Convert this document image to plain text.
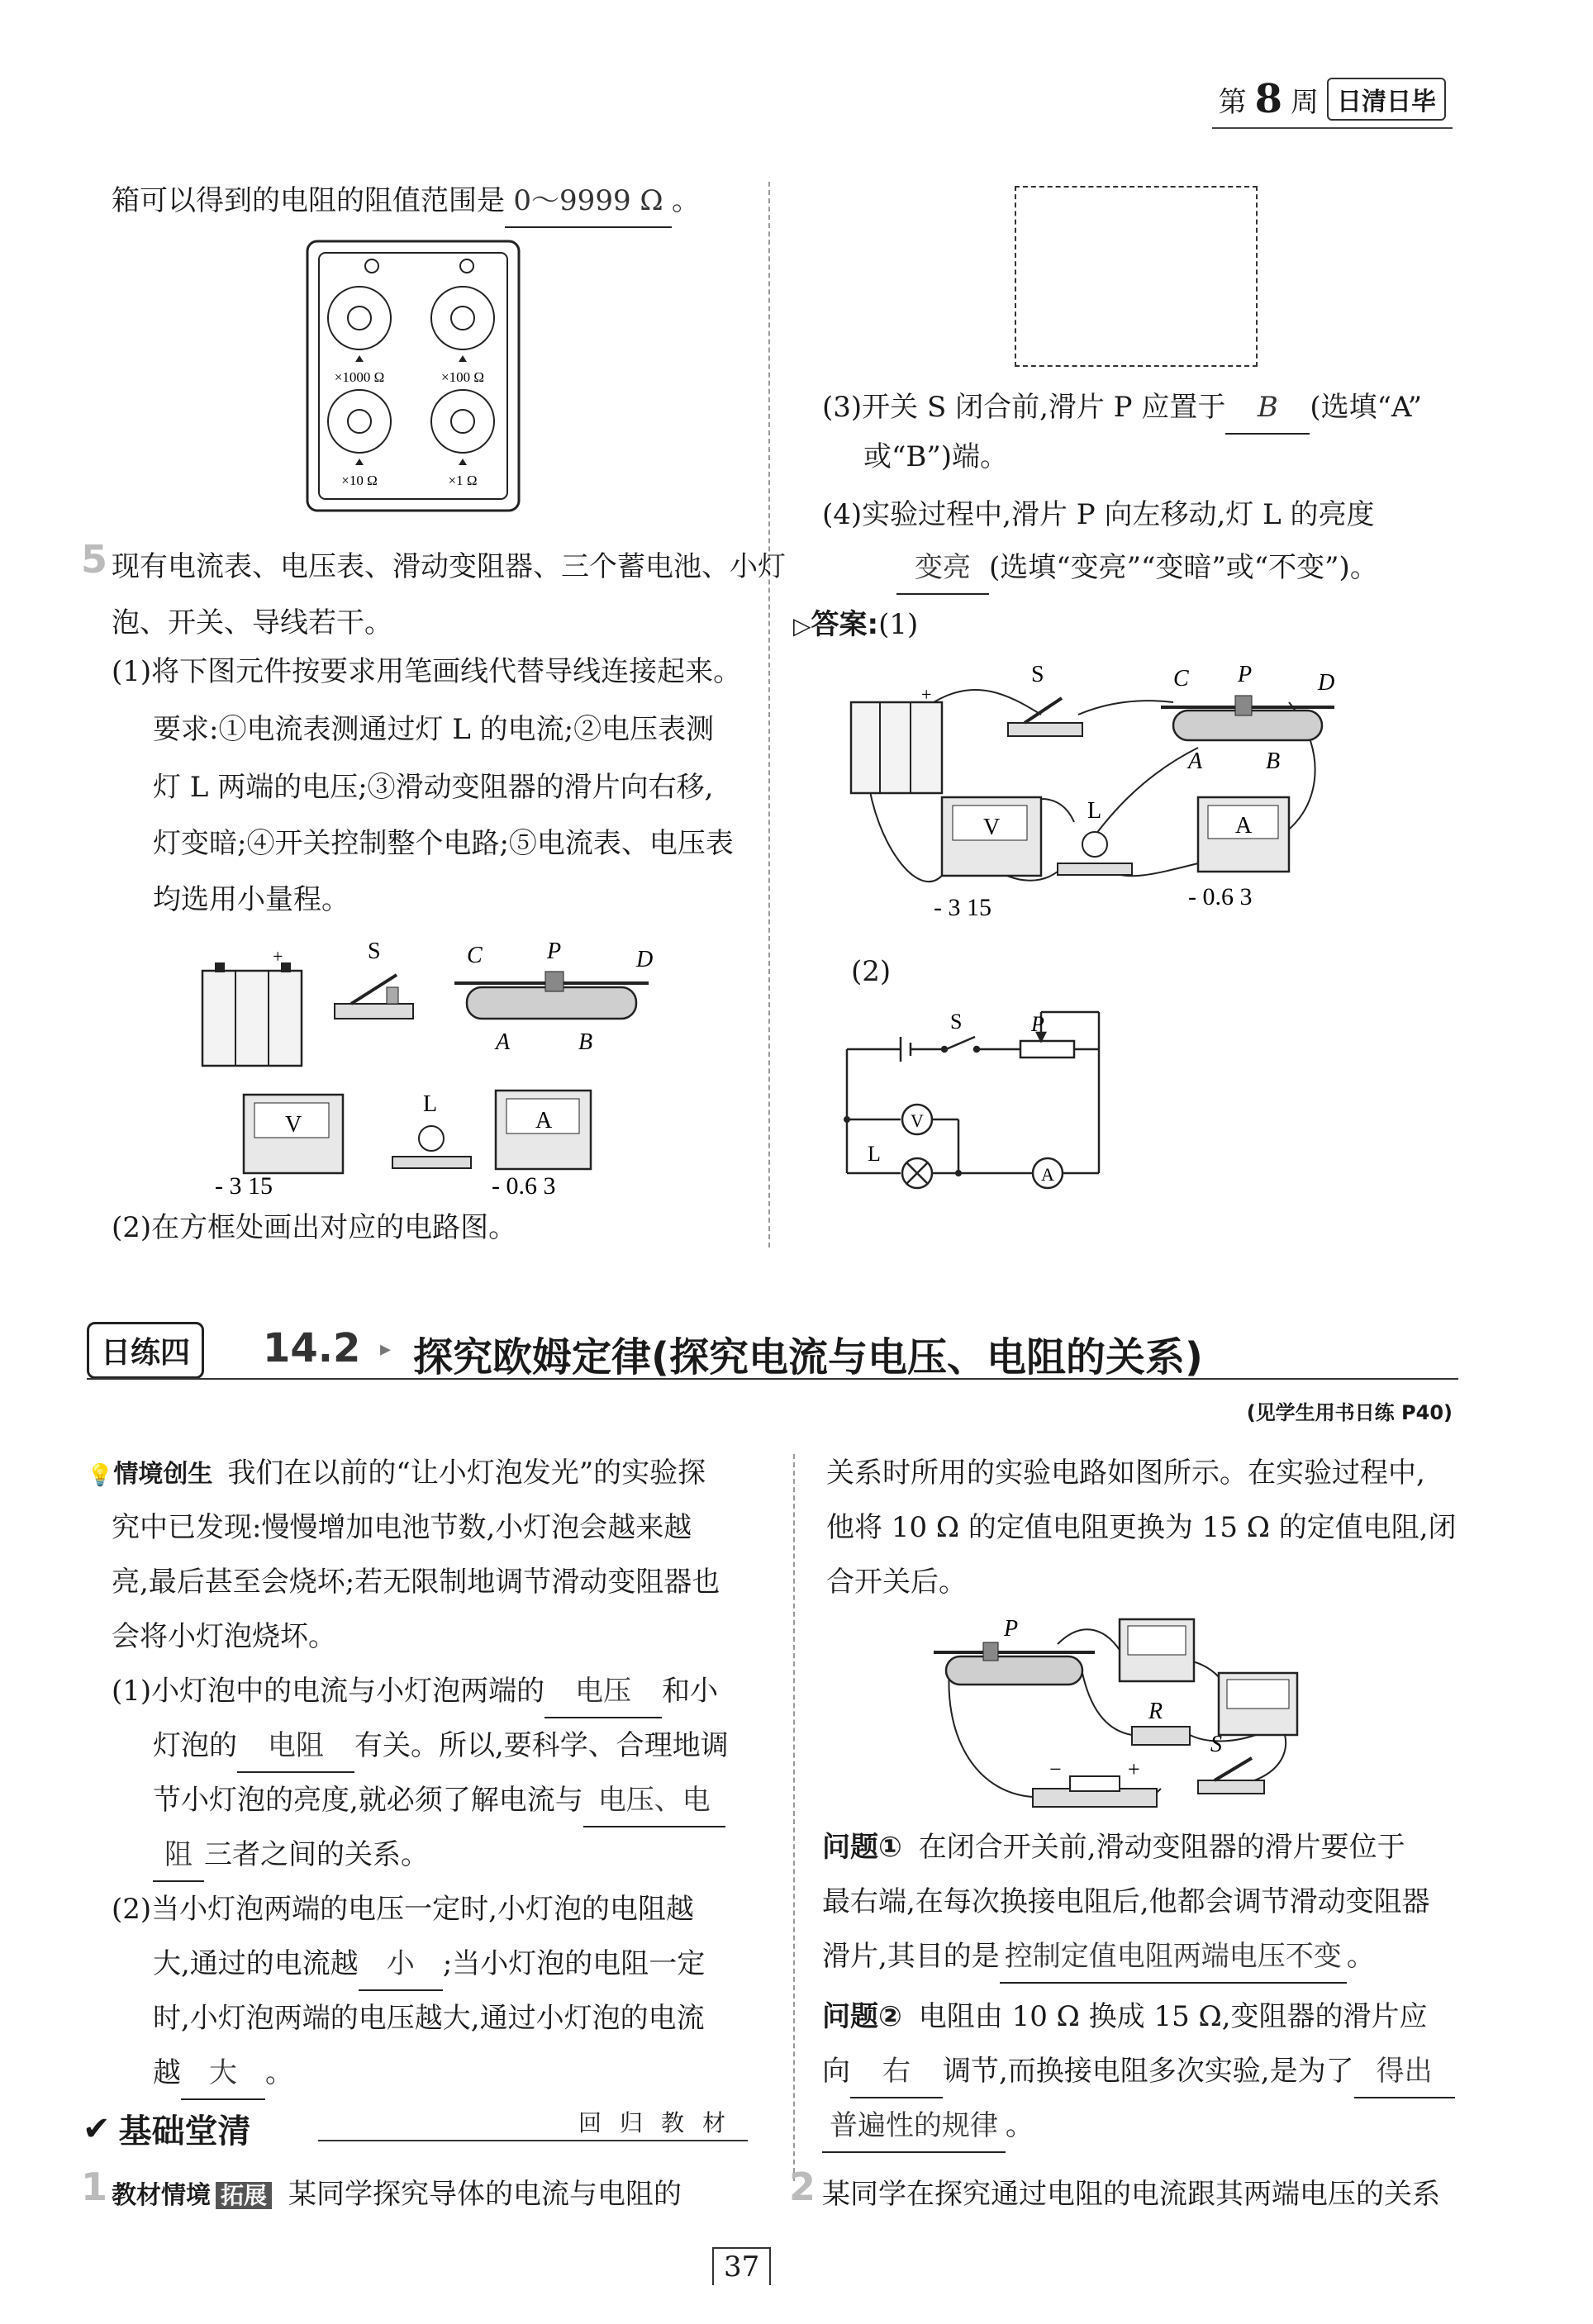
第 8 周 日清日毕
箱可以得到的电阻的阻值范围是 0～9999 Ω 。
×1000 Ω	×100 Ω
×10 Ω	×1 Ω
5 现有电流表、电压表、滑动变阻器、三个蓄电池、小灯
泡、开关、导线若干。
(1)将下图元件按要求用笔画线代替导线连接起来。
要求:①电流表测通过灯 L 的电流;②电压表测
灯 L 两端的电压;③滑动变阻器的滑片向右移,
灯变暗;④开关控制整个电路;⑤电流表、电压表
均选用小量程。
+	S	C	P	D
A	B
V
- 3 15
L
A
- 0.6 3
(2)在方框处画出对应的电路图。
(3)开关 S 闭合前,滑片 P 应置于 B (选填“A”
或“B”)端。
(4)实验过程中,滑片 P 向左移动,灯 L 的亮度
变亮 (选填“变亮”“变暗”或“不变”)。
▷答案:(1)
+
S	C P	D
A	B
V
- 3 15
L
A
- 0.6 3
(2)
S	P
V
L
A
日练四	14.2 ▸ 探究欧姆定律(探究电流与电压、电阻的关系)
(见学生用书日练 P40)
💡情境创生 我们在以前的“让小灯泡发光”的实验探
究中已发现:慢慢增加电池节数,小灯泡会越来越
亮,最后甚至会烧坏;若无限制地调节滑动变阻器也
会将小灯泡烧坏。
(1)小灯泡中的电流与小灯泡两端的 电压 和小
灯泡的 电阻 有关。所以,要科学、合理地调
节小灯泡的亮度,就必须了解电流与 电压、电
阻 三者之间的关系。
(2)当小灯泡两端的电压一定时,小灯泡的电阻越
大,通过的电流越 小 ;当小灯泡的电阻一定
时,小灯泡两端的电压越大,通过小灯泡的电流
越 大 。
✔ 基础堂清	回 归 教 材
1 教材情境 拓展 某同学探究导体的电流与电阻的
关系时所用的实验电路如图所示。在实验过程中,
他将 10 Ω 的定值电阻更换为 15 Ω 的定值电阻,闭
合开关后。
P
R
−	+
S
问题① 在闭合开关前,滑动变阻器的滑片要位于
最右端,在每次换接电阻后,他都会调节滑动变阻器
滑片,其目的是 控制定值电阻两端电压不变 。
问题② 电阻由 10 Ω 换成 15 Ω,变阻器的滑片应
向 右 调节,而换接电阻多次实验,是为了 得出
普遍性的规律 。
2 某同学在探究通过电阻的电流跟其两端电压的关系
37
